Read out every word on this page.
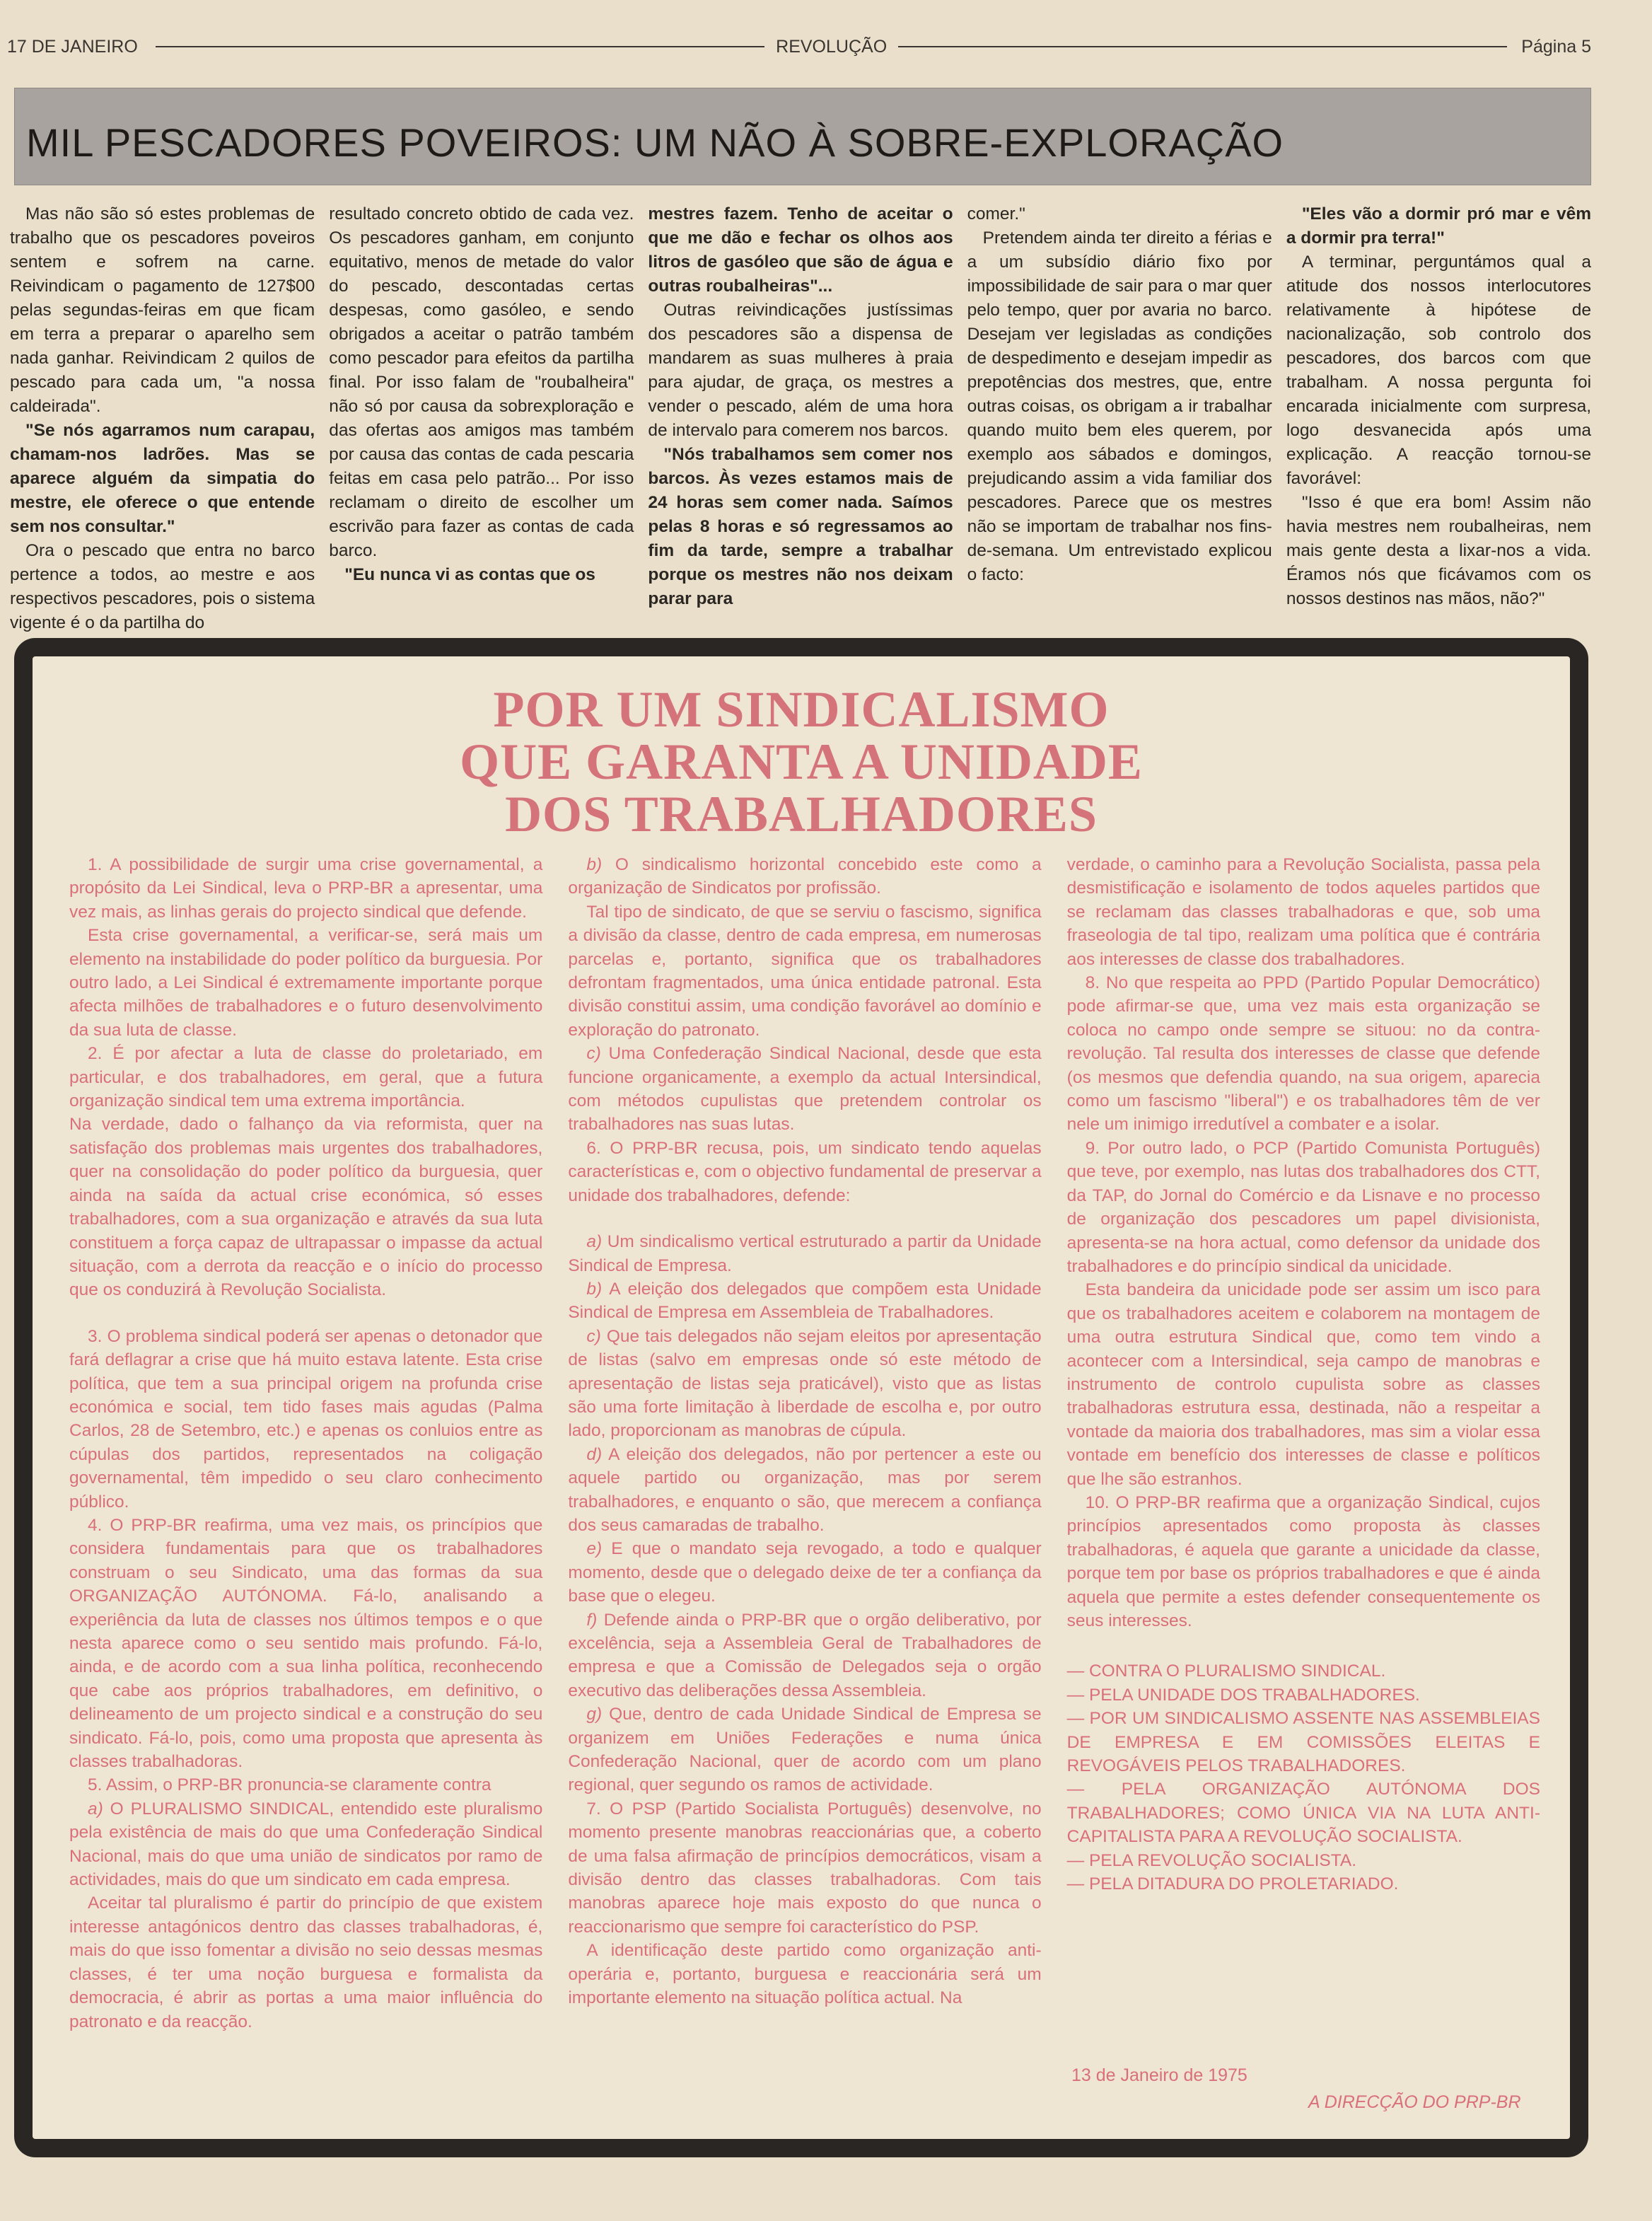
17 DE JANEIRO	REVOLUÇÃO	Página 5
MIL PESCADORES POVEIROS: UM NÃO À SOBRE-EXPLORAÇÃO

Mas não são só estes problemas de trabalho que os pescadores poveiros sentem e sofrem na carne. Reivindicam o pagamento de 127$00 pelas segundas-feiras em que ficam em terra a preparar o aparelho sem nada ganhar. Reivindicam 2 quilos de pescado para cada um, "a nossa caldeirada".

"Se nós agarramos num carapau, chamam-nos ladrões. Mas se aparece alguém da simpatia do mestre, ele oferece o que entende sem nos consultar."

Ora o pescado que entra no barco pertence a todos, ao mestre e aos respectivos pescadores, pois o sistema vigente é o da partilha do

resultado concreto obtido de cada vez. Os pescadores ganham, em conjunto equitativo, menos de metade do valor do pescado, descontadas certas despesas, como gasóleo, e sendo obrigados a aceitar o patrão também como pescador para efeitos da partilha final. Por isso falam de "roubalheira" não só por causa da sobrexploração e das ofertas aos amigos mas também por causa das contas de cada pescaria feitas em casa pelo patrão... Por isso reclamam o direito de escolher um escrivão para fazer as contas de cada barco.

"Eu nunca vi as contas que os

mestres fazem. Tenho de aceitar o que me dão e fechar os olhos aos litros de gasóleo que são de água e outras roubalheiras"...

Outras reivindicações justíssimas dos pescadores são a dispensa de mandarem as suas mulheres à praia para ajudar, de graça, os mestres a vender o pescado, além de uma hora de intervalo para comerem nos barcos.

"Nós trabalhamos sem comer nos barcos. Às vezes estamos mais de 24 horas sem comer nada. Saímos pelas 8 horas e só regressamos ao fim da tarde, sempre a trabalhar porque os mestres não nos deixam parar para

comer."

Pretendem ainda ter direito a férias e a um subsídio diário fixo por impossibilidade de sair para o mar quer pelo tempo, quer por avaria no barco. Desejam ver legisladas as condições de despedimento e desejam impedir as prepotências dos mestres, que, entre outras coisas, os obrigam a ir trabalhar quando muito bem eles querem, por exemplo aos sábados e domingos, prejudicando assim a vida familiar dos pescadores. Parece que os mestres não se importam de trabalhar nos fins-de-semana. Um entrevistado explicou o facto:

"Eles vão a dormir pró mar e vêm a dormir pra terra!"

A terminar, perguntámos qual a atitude dos nossos interlocutores relativamente à hipótese de nacionalização, sob controlo dos pescadores, dos barcos com que trabalham. A nossa pergunta foi encarada inicialmente com surpresa, logo desvanecida após uma explicação. A reacção tornou-se favorável:

"Isso é que era bom! Assim não havia mestres nem roubalheiras, nem mais gente desta a lixar-nos a vida. Éramos nós que ficávamos com os nossos destinos nas mãos, não?"

POR UM SINDICALISMO
QUE GARANTA A UNIDADE
DOS TRABALHADORES

1. A possibilidade de surgir uma crise governamental, a propósito da Lei Sindical, leva o PRP-BR a apresentar, uma vez mais, as linhas gerais do projecto sindical que defende.

Esta crise governamental, a verificar-se, será mais um elemento na instabilidade do poder político da burguesia. Por outro lado, a Lei Sindical é extremamente importante porque afecta milhões de trabalhadores e o futuro desenvolvimento da sua luta de classe.

2. É por afectar a luta de classe do proletariado, em particular, e dos trabalhadores, em geral, que a futura organização sindical tem uma extrema importância.

Na verdade, dado o falhanço da via reformista, quer na satisfação dos problemas mais urgentes dos trabalhadores, quer na consolidação do poder político da burguesia, quer ainda na saída da actual crise económica, só esses trabalhadores, com a sua organização e através da sua luta constituem a força capaz de ultrapassar o impasse da actual situação, com a derrota da reacção e o início do processo que os conduzirá à Revolução Socialista.

3. O problema sindical poderá ser apenas o detonador que fará deflagrar a crise que há muito estava latente. Esta crise política, que tem a sua principal origem na profunda crise económica e social, tem tido fases mais agudas (Palma Carlos, 28 de Setembro, etc.) e apenas os conluios entre as cúpulas dos partidos, representados na coligação governamental, têm impedido o seu claro conhecimento público.

4. O PRP-BR reafirma, uma vez mais, os princípios que considera fundamentais para que os trabalhadores construam o seu Sindicato, uma das formas da sua ORGANIZAÇÃO AUTÓNOMA. Fá-lo, analisando a experiência da luta de classes nos últimos tempos e o que nesta aparece como o seu sentido mais profundo. Fá-lo, ainda, e de acordo com a sua linha política, reconhecendo que cabe aos próprios trabalhadores, em definitivo, o delineamento de um projecto sindical e a construção do seu sindicato. Fá-lo, pois, como uma proposta que apresenta às classes trabalhadoras.

5. Assim, o PRP-BR pronuncia-se claramente contra

a) O PLURALISMO SINDICAL, entendido este pluralismo pela existência de mais do que uma Confederação Sindical Nacional, mais do que uma união de sindicatos por ramo de actividades, mais do que um sindicato em cada empresa.

Aceitar tal pluralismo é partir do princípio de que existem interesse antagónicos dentro das classes trabalhadoras, é, mais do que isso fomentar a divisão no seio dessas mesmas classes, é ter uma noção burguesa e formalista da democracia, é abrir as portas a uma maior influência do patronato e da reacção.

b) O sindicalismo horizontal concebido este como a organização de Sindicatos por profissão.

Tal tipo de sindicato, de que se serviu o fascismo, significa a divisão da classe, dentro de cada empresa, em numerosas parcelas e, portanto, significa que os trabalhadores defrontam fragmentados, uma única entidade patronal. Esta divisão constitui assim, uma condição favorável ao domínio e exploração do patronato.

c) Uma Confederação Sindical Nacional, desde que esta funcione organicamente, a exemplo da actual Intersindical, com métodos cupulistas que pretendem controlar os trabalhadores nas suas lutas.

6. O PRP-BR recusa, pois, um sindicato tendo aquelas características e, com o objectivo fundamental de preservar a unidade dos trabalhadores, defende:

a) Um sindicalismo vertical estruturado a partir da Unidade Sindical de Empresa.

b) A eleição dos delegados que compõem esta Unidade Sindical de Empresa em Assembleia de Trabalhadores.

c) Que tais delegados não sejam eleitos por apresentação de listas (salvo em empresas onde só este método de apresentação de listas seja praticável), visto que as listas são uma forte limitação à liberdade de escolha e, por outro lado, proporcionam as manobras de cúpula.

d) A eleição dos delegados, não por pertencer a este ou aquele partido ou organização, mas por serem trabalhadores, e enquanto o são, que merecem a confiança dos seus camaradas de trabalho.

e) E que o mandato seja revogado, a todo e qualquer momento, desde que o delegado deixe de ter a confiança da base que o elegeu.

f) Defende ainda o PRP-BR que o orgão deliberativo, por excelência, seja a Assembleia Geral de Trabalhadores de empresa e que a Comissão de Delegados seja o orgão executivo das deliberações dessa Assembleia.

g) Que, dentro de cada Unidade Sindical de Empresa se organizem em Uniões Federações e numa única Confederação Nacional, quer de acordo com um plano regional, quer segundo os ramos de actividade.

7. O PSP (Partido Socialista Português) desenvolve, no momento presente manobras reaccionárias que, a coberto de uma falsa afirmação de princípios democráticos, visam a divisão dentro das classes trabalhadoras. Com tais manobras aparece hoje mais exposto do que nunca o reaccionarismo que sempre foi característico do PSP.

A identificação deste partido como organização anti-operária e, portanto, burguesa e reaccionária será um importante elemento na situação política actual. Na

verdade, o caminho para a Revolução Socialista, passa pela desmistificação e isolamento de todos aqueles partidos que se reclamam das classes trabalhadoras e que, sob uma fraseologia de tal tipo, realizam uma política que é contrária aos interesses de classe dos trabalhadores.

8. No que respeita ao PPD (Partido Popular Democrático) pode afirmar-se que, uma vez mais esta organização se coloca no campo onde sempre se situou: no da contra-revolução. Tal resulta dos interesses de classe que defende (os mesmos que defendia quando, na sua origem, aparecia como um fascismo "liberal") e os trabalhadores têm de ver nele um inimigo irredutível a combater e a isolar.

9. Por outro lado, o PCP (Partido Comunista Português) que teve, por exemplo, nas lutas dos trabalhadores dos CTT, da TAP, do Jornal do Comércio e da Lisnave e no processo de organização dos pescadores um papel divisionista, apresenta-se na hora actual, como defensor da unidade dos trabalhadores e do princípio sindical da unicidade.

Esta bandeira da unicidade pode ser assim um isco para que os trabalhadores aceitem e colaborem na montagem de uma outra estrutura Sindical que, como tem vindo a acontecer com a Intersindical, seja campo de manobras e instrumento de controlo cupulista sobre as classes trabalhadoras estrutura essa, destinada, não a respeitar a vontade da maioria dos trabalhadores, mas sim a violar essa vontade em benefício dos interesses de classe e políticos que lhe são estranhos.

10. O PRP-BR reafirma que a organização Sindical, cujos princípios apresentados como proposta às classes trabalhadoras, é aquela que garante a unicidade da classe, porque tem por base os próprios trabalhadores e que é ainda aquela que permite a estes defender consequentemente os seus interesses.

— CONTRA O PLURALISMO SINDICAL.

— PELA UNIDADE DOS TRABALHADORES.

— POR UM SINDICALISMO ASSENTE NAS ASSEMBLEIAS DE EMPRESA E EM COMISSÕES ELEITAS E REVOGÁVEIS PELOS TRABALHADORES.

— PELA ORGANIZAÇÃO AUTÓNOMA DOS TRABALHADORES; COMO ÚNICA VIA NA LUTA ANTI-CAPITALISTA PARA A REVOLUÇÃO SOCIALISTA.

— PELA REVOLUÇÃO SOCIALISTA.

— PELA DITADURA DO PROLETARIADO.

13 de Janeiro de 1975
A DIRECÇÃO DO PRP-BR
